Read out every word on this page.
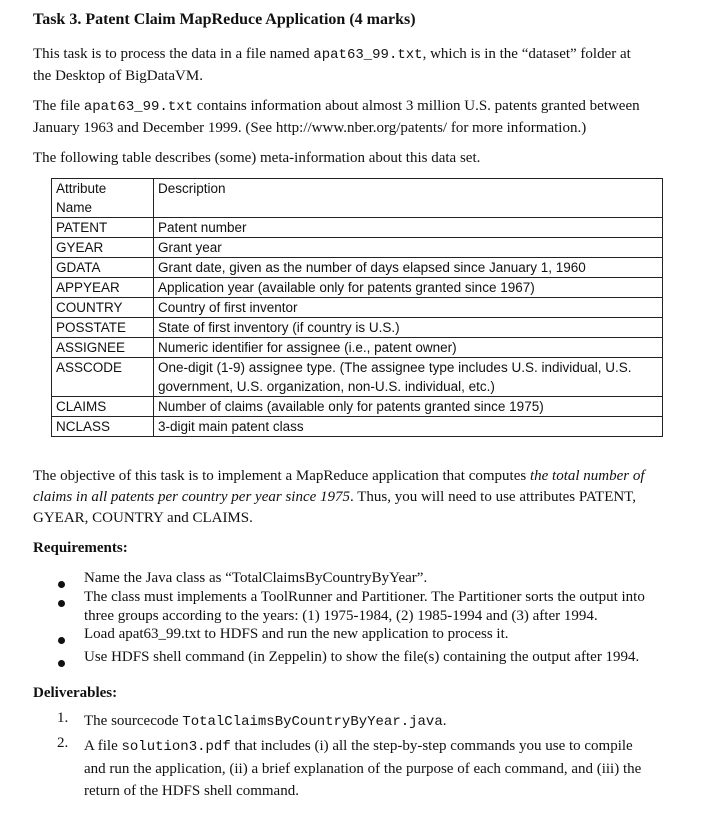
Task 3. Patent Claim MapReduce Application (4 marks)
This task is to process the data in a file named apat63_99.txt, which is in the “dataset” folder at
the Desktop of BigDataVM.
The file apat63_99.txt contains information about almost 3 million U.S. patents granted between
January 1963 and December 1999. (See http://www.nber.org/patents/ for more information.)
The following table describes (some) meta-information about this data set.
Attribute
Name	Description
PATENT	Patent number
GYEAR	Grant year
GDATA	Grant date, given as the number of days elapsed since January 1, 1960
APPYEAR	Application year (available only for patents granted since 1967)
COUNTRY	Country of first inventor
POSSTATE	State of first inventory (if country is U.S.)
ASSIGNEE	Numeric identifier for assignee (i.e., patent owner)
ASSCODE	One-digit (1-9) assignee type. (The assignee type includes U.S. individual, U.S.
government, U.S. organization, non-U.S. individual, etc.)
CLAIMS	Number of claims (available only for patents granted since 1975)
NCLASS	3-digit main patent class
The objective of this task is to implement a MapReduce application that computes the total number of
claims in all patents per country per year since 1975. Thus, you will need to use attributes PATENT,
GYEAR, COUNTRY and CLAIMS.
Requirements:
Name the Java class as “TotalClaimsByCountryByYear”.
The class must implements a ToolRunner and Partitioner. The Partitioner sorts the output into
three groups according to the years: (1) 1975-1984, (2) 1985-1994 and (3) after 1994.
Load apat63_99.txt to HDFS and run the new application to process it.
Use HDFS shell command (in Zeppelin) to show the file(s) containing the output after 1994.
Deliverables:
1. The sourcecode TotalClaimsByCountryByYear.java.
2. A file solution3.pdf that includes (i) all the step-by-step commands you use to compile
and run the application, (ii) a brief explanation of the purpose of each command, and (iii) the
return of the HDFS shell command.
